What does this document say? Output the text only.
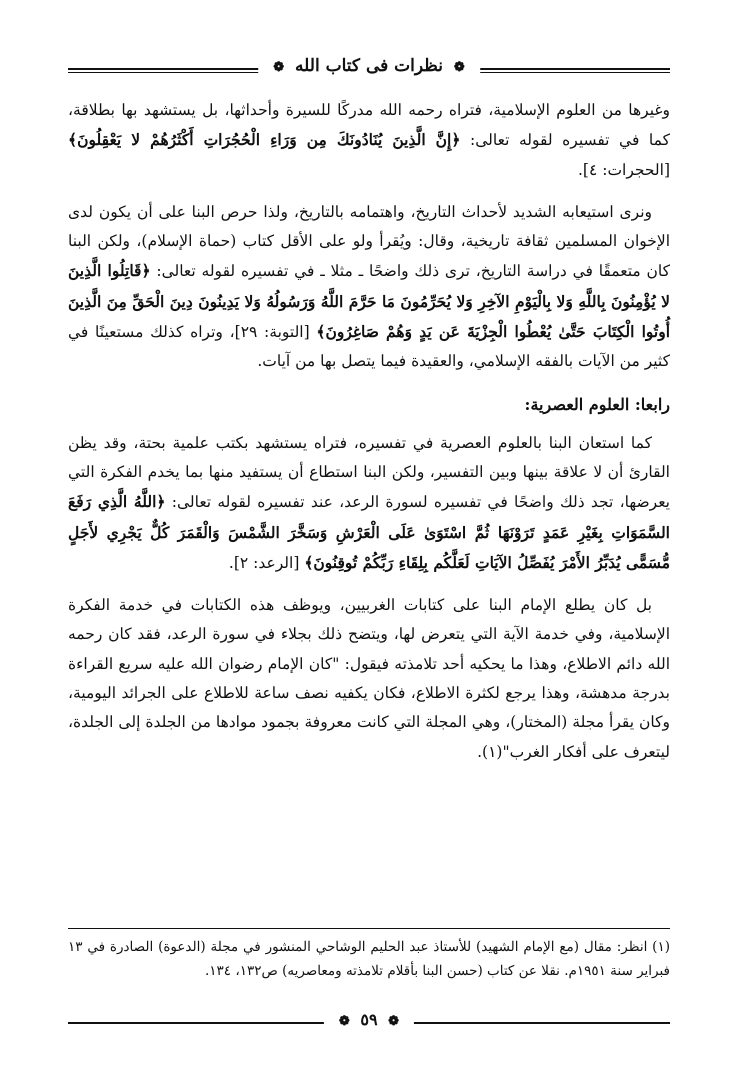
❁ نظرات فى كتاب الله ❁

وغيرها من العلوم الإسلامية، فتراه رحمه الله مدركًا للسيرة وأحداثها، بل يستشهد بها بطلاقة، كما في تفسيره لقوله تعالى: ﴿إِنَّ الَّذِينَ يُنَادُونَكَ مِن وَرَاءِ الْحُجُرَاتِ أَكْثَرُهُمْ لا يَعْقِلُونَ﴾ [الحجرات: ٤].

ونرى استيعابه الشديد لأحداث التاريخ، واهتمامه بالتاريخ، ولذا حرص البنا على أن يكون لدى الإخوان المسلمين ثقافة تاريخية، وقال: ويُقرأ ولو على الأقل كتاب (حماة الإسلام)، ولكن البنا كان متعمقًا في دراسة التاريخ، ترى ذلك واضحًا ـ مثلا ـ في تفسيره لقوله تعالى: ﴿قَاتِلُوا الَّذِينَ لا يُؤْمِنُونَ بِاللَّهِ وَلا بِالْيَوْمِ الآخِرِ وَلا يُحَرِّمُونَ مَا حَرَّمَ اللَّهُ وَرَسُولُهُ وَلا يَدِينُونَ دِينَ الْحَقِّ مِنَ الَّذِينَ أُوتُوا الْكِتَابَ حَتَّىٰ يُعْطُوا الْجِزْيَةَ عَن يَدٍ وَهُمْ صَاغِرُونَ﴾ [التوبة: ٢٩]، وتراه كذلك مستعينًا في كثير من الآيات بالفقه الإسلامي، والعقيدة فيما يتصل بها من آيات.

رابعا: العلوم العصرية:

كما استعان البنا بالعلوم العصرية في تفسيره، فتراه يستشهد بكتب علمية بحتة، وقد يظن القارئ أن لا علاقة بينها وبين التفسير، ولكن البنا استطاع أن يستفيد منها بما يخدم الفكرة التي يعرضها، تجد ذلك واضحًا في تفسيره لسورة الرعد، عند تفسيره لقوله تعالى: ﴿اللَّهُ الَّذِي رَفَعَ السَّمَوَاتِ بِغَيْرِ عَمَدٍ تَرَوْنَهَا ثُمَّ اسْتَوَىٰ عَلَى الْعَرْشِ وَسَخَّرَ الشَّمْسَ وَالْقَمَرَ كُلٌّ يَجْرِي لأَجَلٍ مُّسَمًّى يُدَبِّرُ الأَمْرَ يُفَصِّلُ الآيَاتِ لَعَلَّكُم بِلِقَاءِ رَبِّكُمْ تُوقِنُونَ﴾ [الرعد: ٢].

بل كان يطلع الإمام البنا على كتابات الغربيين، ويوظف هذه الكتابات في خدمة الفكرة الإسلامية، وفي خدمة الآية التي يتعرض لها، ويتضح ذلك بجلاء في سورة الرعد، فقد كان رحمه الله دائم الاطلاع، وهذا ما يحكيه أحد تلامذته فيقول: "كان الإمام رضوان الله عليه سريع القراءة بدرجة مدهشة، وهذا يرجع لكثرة الاطلاع، فكان يكفيه نصف ساعة للاطلاع على الجرائد اليومية، وكان يقرأ مجلة (المختار)، وهي المجلة التي كانت معروفة بجمود موادها من الجلدة إلى الجلدة، ليتعرف على أفكار الغرب"(١).

(١) انظر: مقال (مع الإمام الشهيد) للأستاذ عبد الحليم الوشاحي المنشور في مجلة (الدعوة) الصادرة في ١٣ فبراير سنة ١٩٥١م. نقلا عن كتاب (حسن البنا بأقلام تلامذته ومعاصريه) ص١٣٢، ١٣٤.

❁ ٥٩ ❁
